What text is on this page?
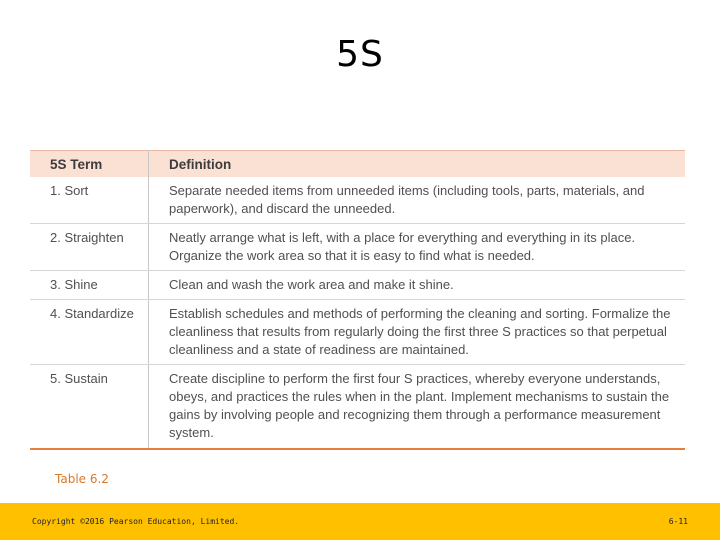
5S
5S Term	Definition
1. Sort	Separate needed items from unneeded items (including tools, parts, materials, and paperwork), and discard the unneeded.
2. Straighten	Neatly arrange what is left, with a place for everything and everything in its place. Organize the work area so that it is easy to find what is needed.
3. Shine	Clean and wash the work area and make it shine.
4. Standardize	Establish schedules and methods of performing the cleaning and sorting. Formalize the cleanliness that results from regularly doing the first three S practices so that perpetual cleanliness and a state of readiness are maintained.
5. Sustain	Create discipline to perform the first four S practices, whereby everyone understands, obeys, and practices the rules when in the plant. Implement mechanisms to sustain the gains by involving people and recognizing them through a performance measurement system.
Table 6.2
Copyright ©2016 Pearson Education, Limited.	6-11
